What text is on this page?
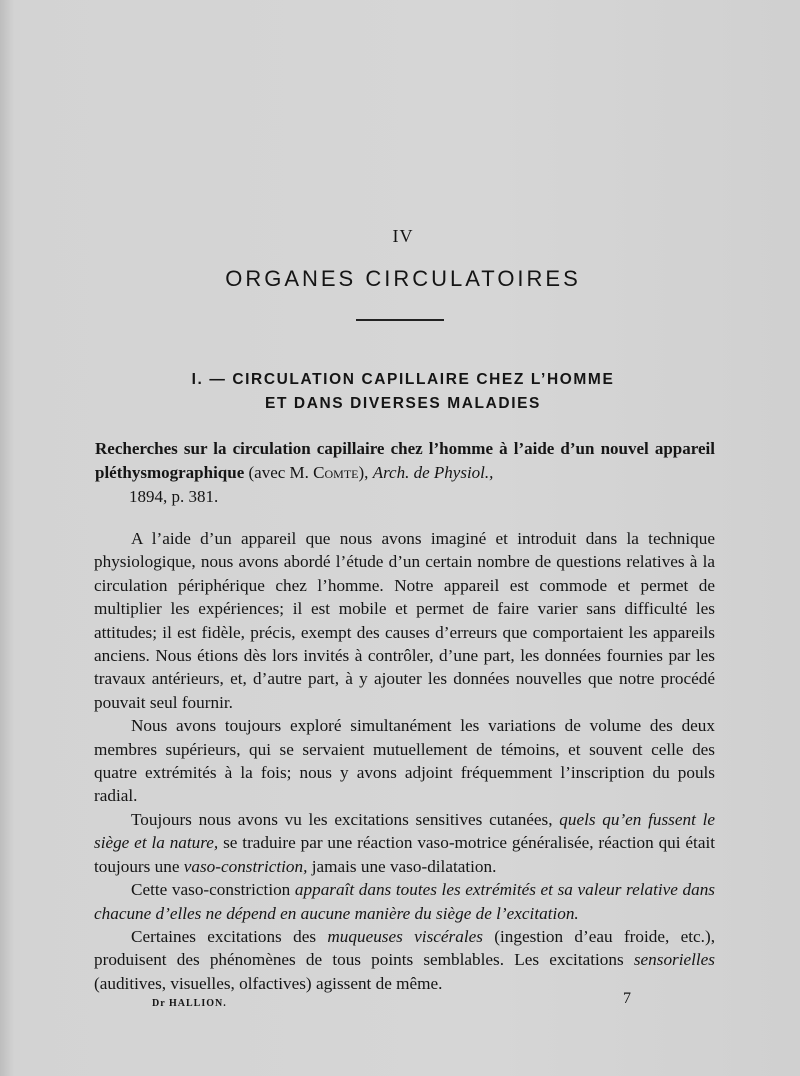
IV
ORGANES CIRCULATOIRES
I. — CIRCULATION CAPILLAIRE CHEZ L’HOMME
ET DANS DIVERSES MALADIES
Recherches sur la circulation capillaire chez l’homme à l’aide d’un nouvel appareil pléthysmographique (avec M. Comte), Arch. de Physiol.,
1894, p. 381.

A l’aide d’un appareil que nous avons imaginé et introduit dans la technique physiologique, nous avons abordé l’étude d’un certain nombre de questions relatives à la circulation périphérique chez l’homme. Notre appareil est commode et permet de multiplier les expériences; il est mobile et permet de faire varier sans difficulté les attitudes; il est fidèle, précis, exempt des causes d’erreurs que comportaient les appareils anciens. Nous étions dès lors invités à contrôler, d’une part, les données fournies par les travaux antérieurs, et, d’autre part, à y ajouter les données nouvelles que notre procédé pouvait seul fournir.

Nous avons toujours exploré simultanément les variations de volume des deux membres supérieurs, qui se servaient mutuellement de témoins, et souvent celle des quatre extrémités à la fois; nous y avons adjoint fréquemment l’inscription du pouls radial.

Toujours nous avons vu les excitations sensitives cutanées, quels qu’en fussent le siège et la nature, se traduire par une réaction vaso-motrice généralisée, réaction qui était toujours une vaso-constriction, jamais une vaso-dilatation.

Cette vaso-constriction apparaît dans toutes les extrémités et sa valeur relative dans chacune d’elles ne dépend en aucune manière du siège de l’excitation.

Certaines excitations des muqueuses viscérales (ingestion d’eau froide, etc.), produisent des phénomènes de tous points semblables. Les excitations sensorielles (auditives, visuelles, olfactives) agissent de même.

Dr HALLION.	7
